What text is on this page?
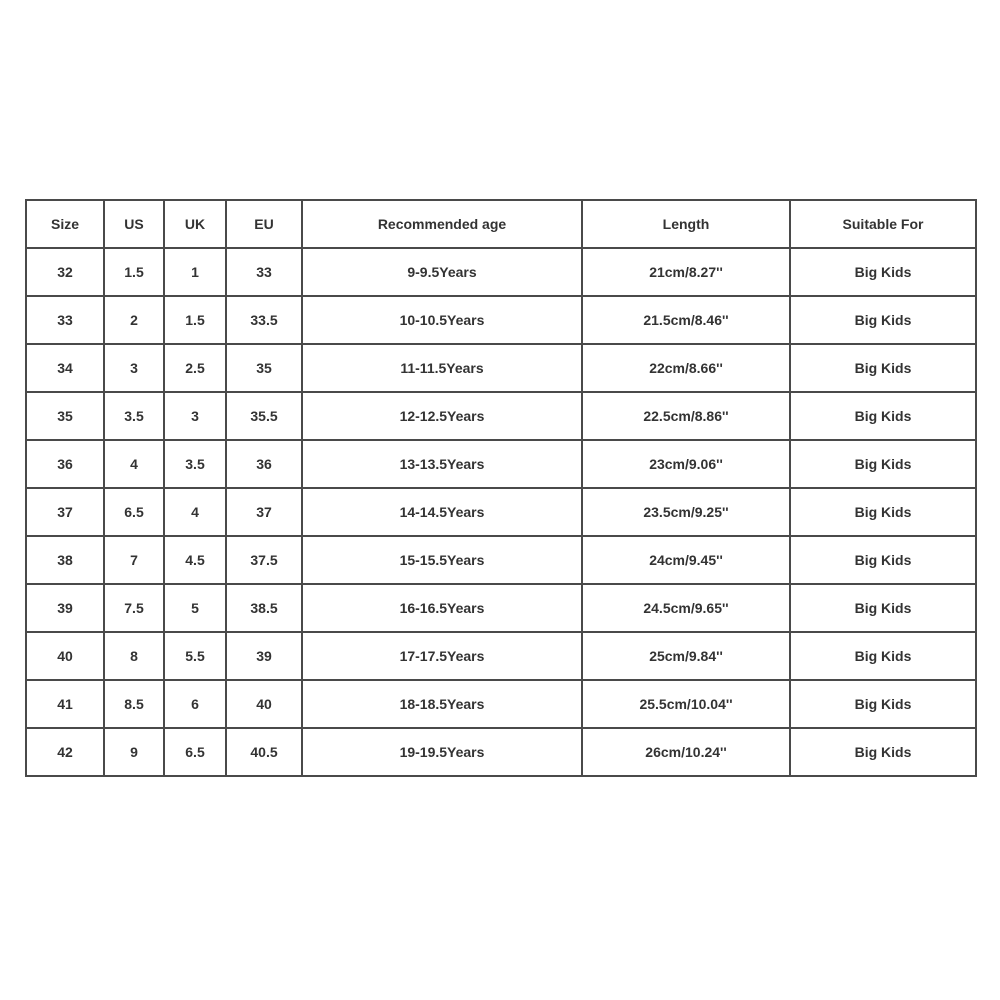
Size	US	UK	EU	Recommended age	Length	Suitable For
32	1.5	1	33	9-9.5Years	21cm/8.27''	Big Kids
33	2	1.5	33.5	10-10.5Years	21.5cm/8.46''	Big Kids
34	3	2.5	35	11-11.5Years	22cm/8.66''	Big Kids
35	3.5	3	35.5	12-12.5Years	22.5cm/8.86''	Big Kids
36	4	3.5	36	13-13.5Years	23cm/9.06''	Big Kids
37	6.5	4	37	14-14.5Years	23.5cm/9.25''	Big Kids
38	7	4.5	37.5	15-15.5Years	24cm/9.45''	Big Kids
39	7.5	5	38.5	16-16.5Years	24.5cm/9.65''	Big Kids
40	8	5.5	39	17-17.5Years	25cm/9.84''	Big Kids
41	8.5	6	40	18-18.5Years	25.5cm/10.04''	Big Kids
42	9	6.5	40.5	19-19.5Years	26cm/10.24''	Big Kids
